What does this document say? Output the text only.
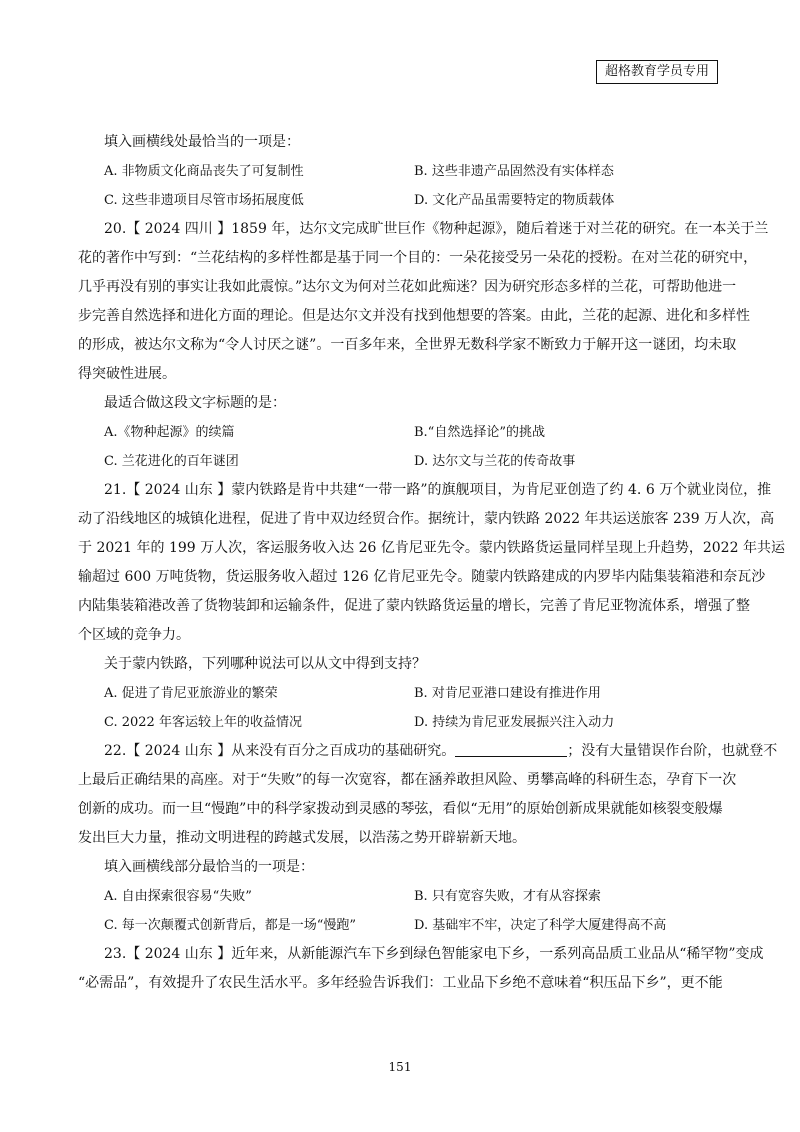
超格教育学员专用
填入画横线处最恰当的一项是：
A. 非物质文化商品丧失了可复制性	B. 这些非遗产品固然没有实体样态
C. 这些非遗项目尽管市场拓展度低	D. 文化产品虽需要特定的物质载体
20.【 2024 四川 】1859 年，达尔文完成旷世巨作《物种起源》，随后着迷于对兰花的研究。在一本关于兰
花的著作中写到：“兰花结构的多样性都是基于同一个目的：一朵花接受另一朵花的授粉。在对兰花的研究中，
几乎再没有别的事实让我如此震惊。”达尔文为何对兰花如此痴迷？因为研究形态多样的兰花，可帮助他进一
步完善自然选择和进化方面的理论。但是达尔文并没有找到他想要的答案。由此，兰花的起源、进化和多样性
的形成，被达尔文称为“令人讨厌之谜”。一百多年来，全世界无数科学家不断致力于解开这一谜团，均未取
得突破性进展。
最适合做这段文字标题的是：
A.《物种起源》的续篇	B.“自然选择论”的挑战
C. 兰花进化的百年谜团	D. 达尔文与兰花的传奇故事
21.【 2024 山东 】蒙内铁路是肯中共建“一带一路”的旗舰项目，为肯尼亚创造了约 4. 6 万个就业岗位，推
动了沿线地区的城镇化进程，促进了肯中双边经贸合作。据统计，蒙内铁路 2022 年共运送旅客 239 万人次，高
于 2021 年的 199 万人次，客运服务收入达 26 亿肯尼亚先令。蒙内铁路货运量同样呈现上升趋势，2022 年共运
输超过 600 万吨货物，货运服务收入超过 126 亿肯尼亚先令。随蒙内铁路建成的内罗毕内陆集装箱港和奈瓦沙
内陆集装箱港改善了货物装卸和运输条件，促进了蒙内铁路货运量的增长，完善了肯尼亚物流体系，增强了整
个区域的竞争力。
关于蒙内铁路，下列哪种说法可以从文中得到支持？
A. 促进了肯尼亚旅游业的繁荣	B. 对肯尼亚港口建设有推进作用
C. 2022 年客运较上年的收益情况	D. 持续为肯尼亚发展振兴注入动力
22.【 2024 山东 】从来没有百分之百成功的基础研究。	；没有大量错误作台阶，也就登不
上最后正确结果的高座。对于“失败”的每一次宽容，都在涵养敢担风险、勇攀高峰的科研生态，孕育下一次
创新的成功。而一旦“慢跑”中的科学家拨动到灵感的琴弦，看似“无用”的原始创新成果就能如核裂变般爆
发出巨大力量，推动文明进程的跨越式发展，以浩荡之势开辟崭新天地。
填入画横线部分最恰当的一项是：
A. 自由探索很容易“失败”	B. 只有宽容失败，才有从容探索
C. 每一次颠覆式创新背后，都是一场“慢跑”	D. 基础牢不牢，决定了科学大厦建得高不高
23.【 2024 山东 】近年来，从新能源汽车下乡到绿色智能家电下乡，一系列高品质工业品从“稀罕物”变成
“必需品”，有效提升了农民生活水平。多年经验告诉我们：工业品下乡绝不意味着“积压品下乡”，更不能
151
